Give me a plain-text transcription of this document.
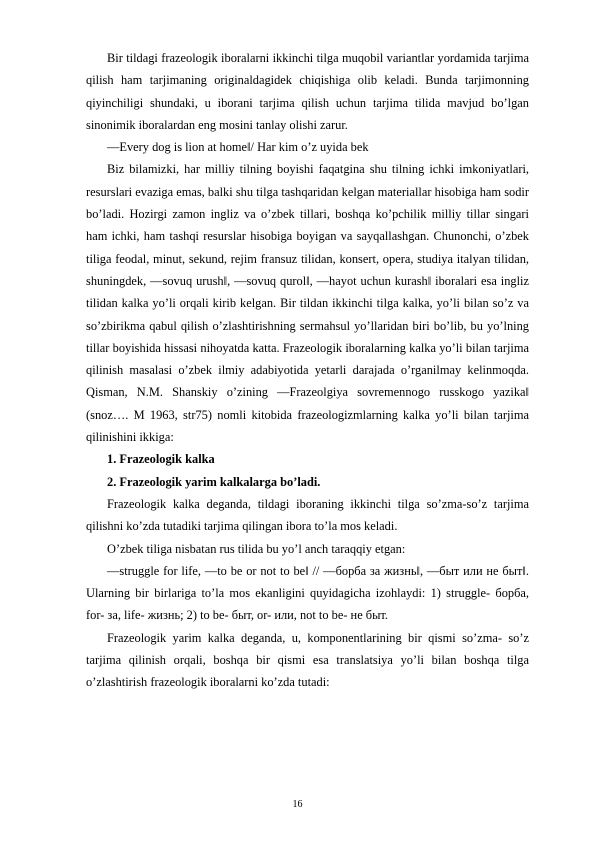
Bir tildagi frazeologik iboralarni ikkinchi tilga muqobil variantlar yordamida tarjima qilish ham tarjimaning originaldagidek chiqishiga olib keladi. Bunda tarjimonning qiyinchiligi shundaki, u iborani tarjima qilish uchun tarjima tilida mavjud bo’lgan sinonimik iboralardan eng mosini tanlay olishi zarur.

―Every dog is lion at home‖/ Har kim o’z uyida bek

Biz bilamizki, har milliy tilning boyishi faqatgina shu tilning ichki imkoniyatlari, resurslari evaziga emas, balki shu tilga tashqaridan kelgan materiallar hisobiga ham sodir bo’ladi. Hozirgi zamon ingliz va o’zbek tillari, boshqa ko’pchilik milliy tillar singari ham ichki, ham tashqi resurslar hisobiga boyigan va sayqallashgan. Chunonchi, o’zbek tiliga feodal, minut, sekund, rejim fransuz tilidan, konsert, opera, studiya italyan tilidan, shuningdek, ―sovuq urush‖, ―sovuq qurol‖, ―hayot uchun kurash‖ iboralari esa ingliz tilidan kalka yo’li orqali kirib kelgan. Bir tildan ikkinchi tilga kalka, yo’li bilan so’z va so’zbirikma qabul qilish o’zlashtirishning sermahsul yo’llaridan biri bo’lib, bu yo’lning tillar boyishida hissasi nihoyatda katta. Frazeologik iboralarning kalka yo’li bilan tarjima qilinish masalasi o’zbek ilmiy adabiyotida yetarli darajada o’rganilmay kelinmoqda. Qisman, N.M. Shanskiy o’zining ―Frazeolgiya sovremennogo russkogo yazika‖ (snoz…. M 1963, str75) nomli kitobida frazeologizmlarning kalka yo’li bilan tarjima qilinishini ikkiga:

1. Frazeologik kalka

2. Frazeologik yarim kalkalarga bo’ladi.

Frazeologik kalka deganda, tildagi iboraning ikkinchi tilga so’zma-so’z tarjima qilishni ko’zda tutadiki tarjima qilingan ibora to’la mos keladi.

O’zbek tiliga nisbatan rus tilida bu yo’l anch taraqqiy etgan:

―struggle for life, ―to be or not to be‖ // ―борба за жизнь‖, ―быт или не быт‖. Ularning bir birlariga to’la mos ekanligini quyidagicha izohlaydi: 1) struggle- борба, for- за, life- жизнь; 2) to be- быт, or- или, not to be- не быт.

Frazeologik yarim kalka deganda, u, komponentlarining bir qismi so’zma- so’z tarjima qilinish orqali, boshqa bir qismi esa translatsiya yo’li bilan boshqa tilga o’zlashtirish frazeologik iboralarni ko’zda tutadi:

16
